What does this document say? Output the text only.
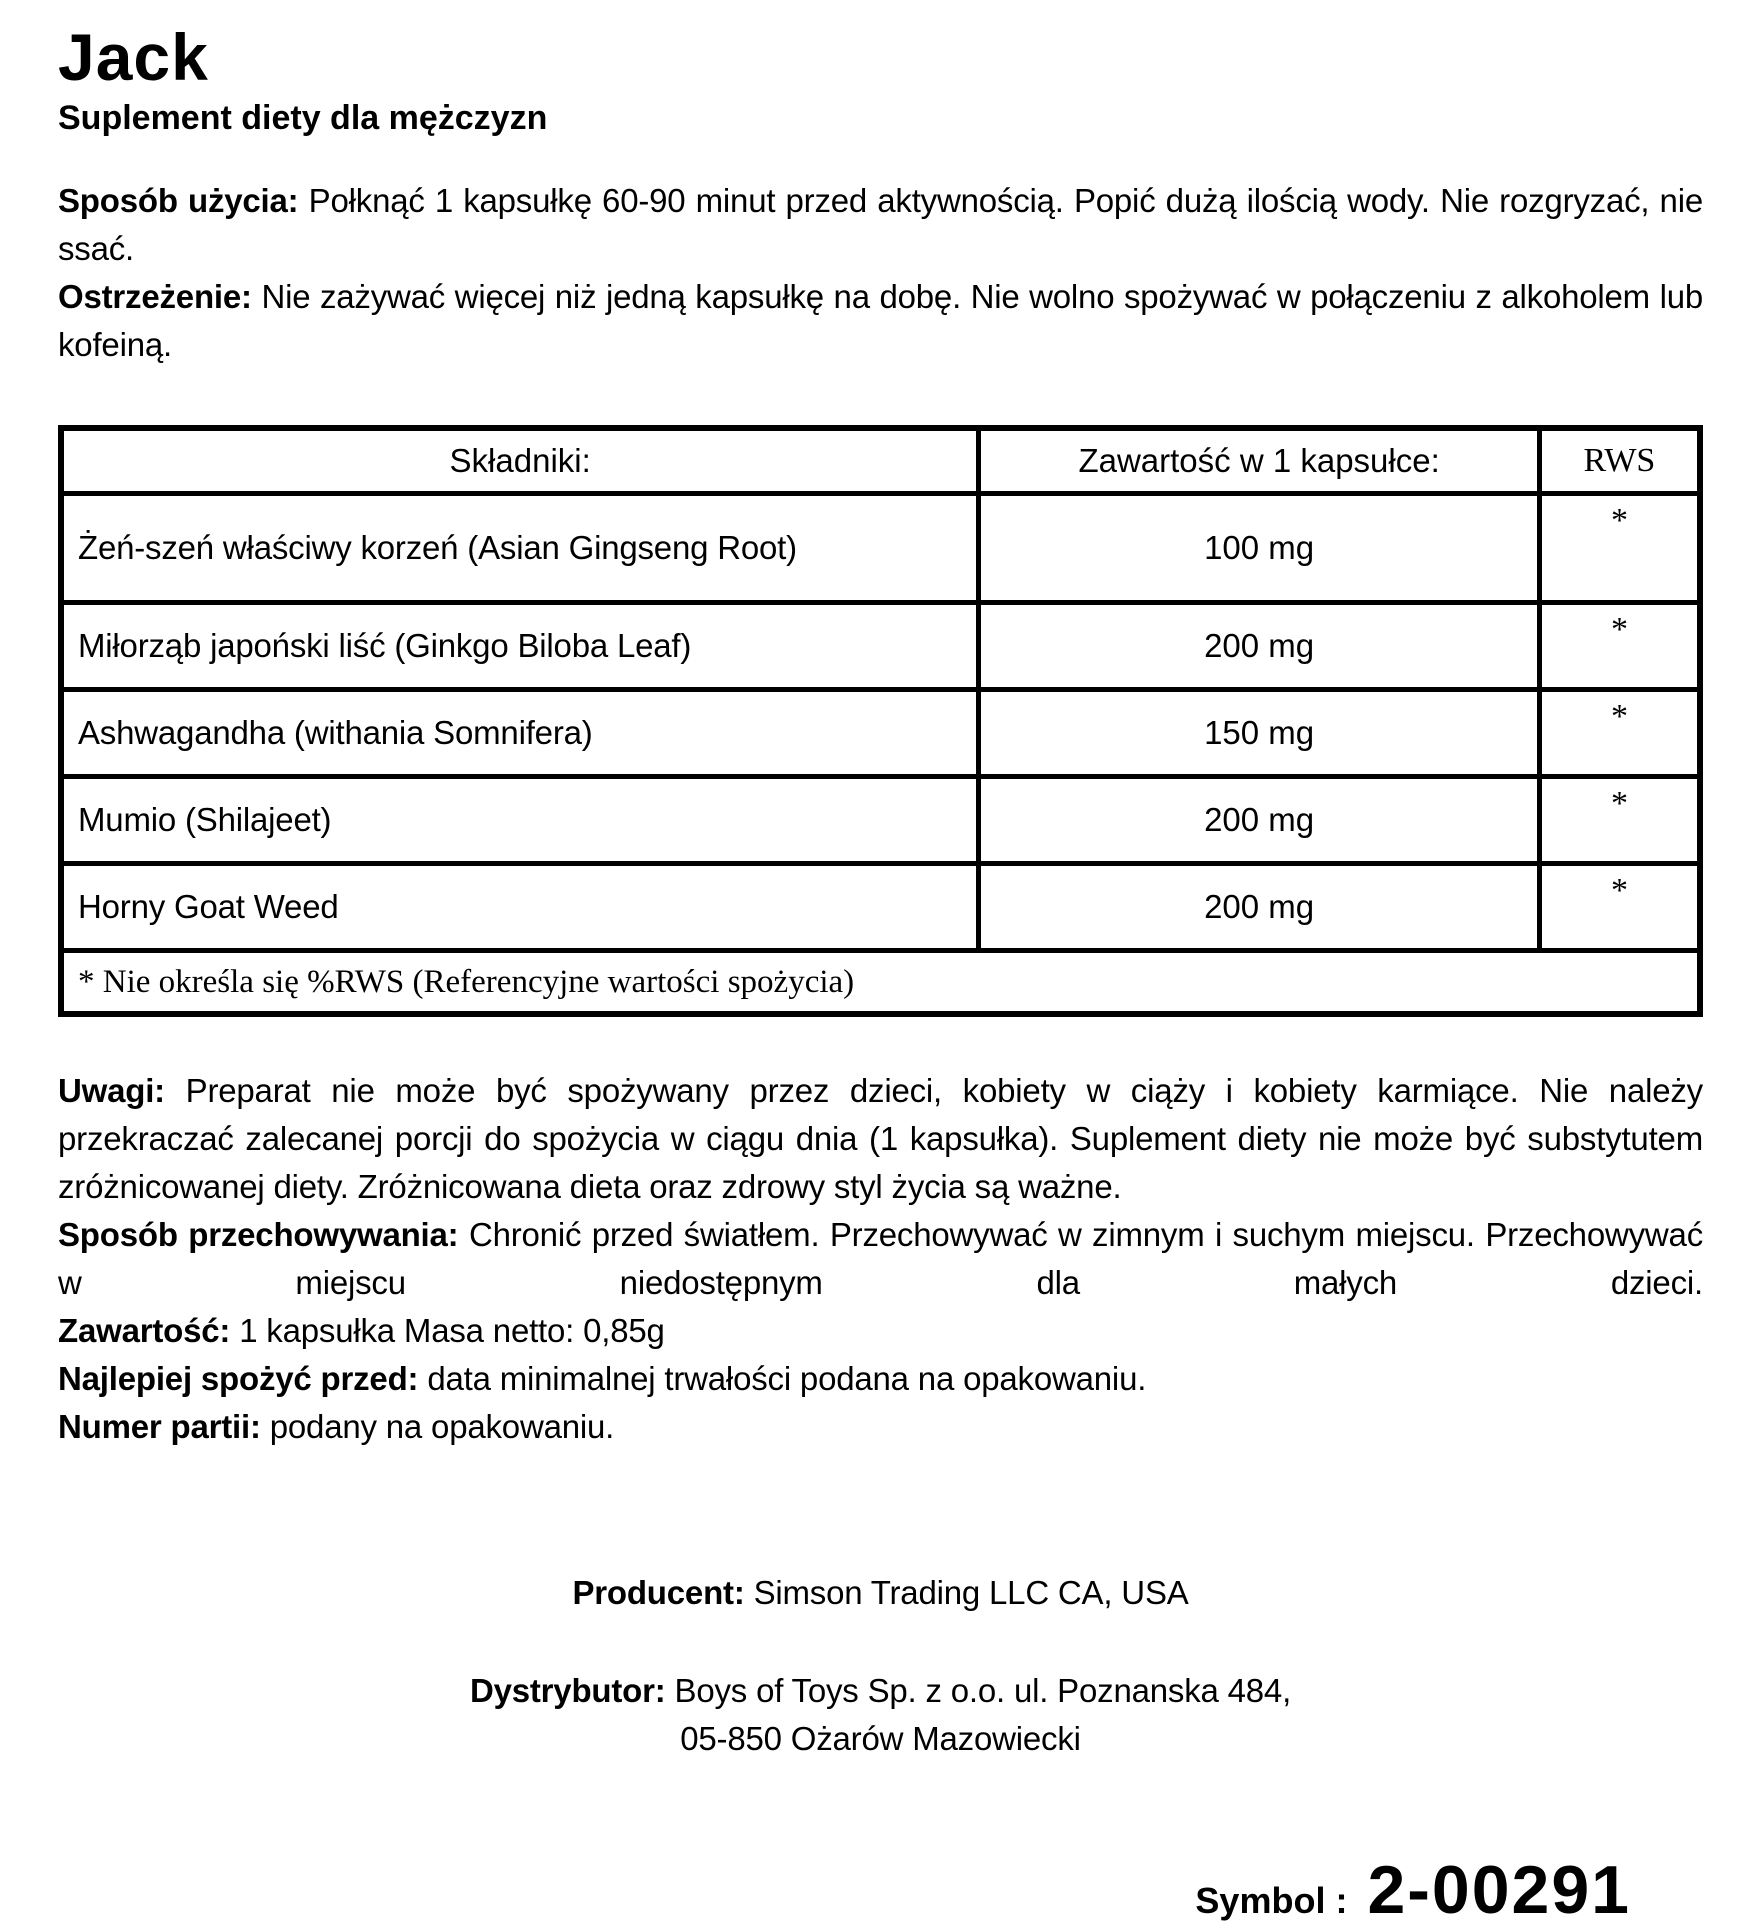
Jack
Suplement diety dla mężczyzn

Sposób użycia: Połknąć 1 kapsułkę 60-90 minut przed aktywnością. Popić dużą ilością wody. Nie rozgryzać, nie ssać.

Ostrzeżenie: Nie zażywać więcej niż jedną kapsułkę na dobę. Nie wolno spożywać w połączeniu z alkoholem lub kofeiną.

Składniki:	Zawartość w 1 kapsułce:	RWS
Żeń-szeń właściwy korzeń (Asian Gingseng Root)	100 mg	*
Miłorząb japoński liść (Ginkgo Biloba Leaf)	200 mg	*
Ashwagandha (withania Somnifera)	150 mg	*
Mumio (Shilajeet)	200 mg	*
Horny Goat Weed	200 mg	*
* Nie określa się %RWS (Referencyjne wartości spożycia)		

Uwagi: Preparat nie może być spożywany przez dzieci, kobiety w ciąży i kobiety karmiące. Nie należy przekraczać zalecanej porcji do spożycia w ciągu dnia (1 kapsułka). Suplement diety nie może być substytutem zróżnicowanej diety. Zróżnicowana dieta oraz zdrowy styl życia są ważne.

Sposób przechowywania: Chronić przed światłem. Przechowywać w zimnym i suchym miejscu. Przechowywać w miejscu niedostępnym dla małych dzieci.

Zawartość: 1 kapsułka Masa netto: 0,85g

Najlepiej spożyć przed: data minimalnej trwałości podana na opakowaniu.

Numer partii: podany na opakowaniu.

Producent: Simson Trading LLC CA, USA
Dystrybutor: Boys of Toys Sp. z o.o. ul. Poznanska 484,
05-850 Ożarów Mazowiecki
Symbol : 2-00291
